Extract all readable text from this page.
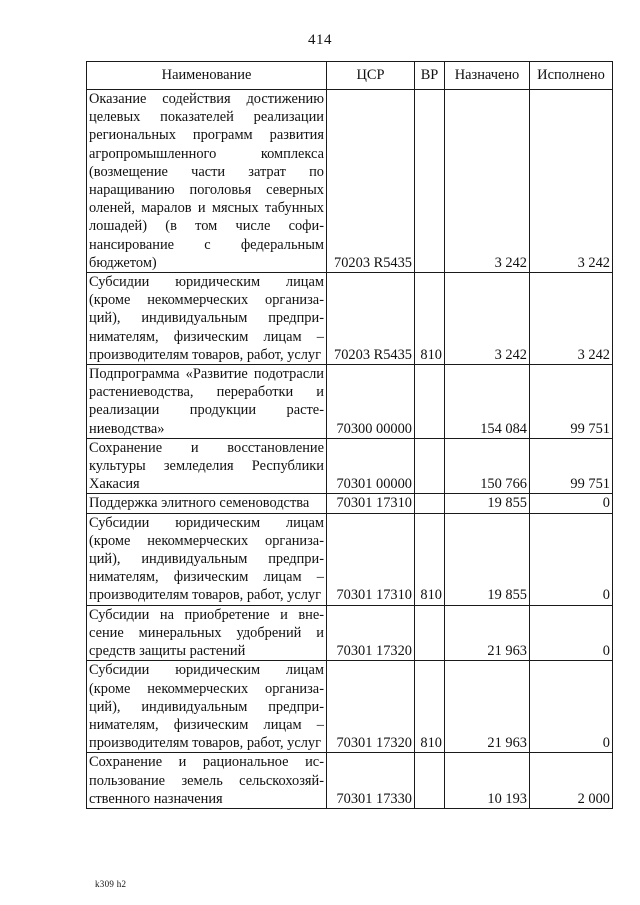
414
Наименование	ЦСР	ВР	Назначено	Исполнено
Оказание содействия достижению целевых показателей реализации региональных программ развития агропромышленного комплекса (возмещение части затрат по наращиванию поголовья северных оленей, маралов и мясных табунных лошадей) (в том числе софинансирование с федеральным бюджетом)	70203 R5435		3 242	3 242
Субсидии юридическим лицам (кроме некоммерческих организаций), индивидуальным предпринимателям, физическим лицам – производителям товаров, работ, услуг	70203 R5435	810	3 242	3 242
Подпрограмма «Развитие подотрасли растениеводства, переработки и реализации продукции растениеводства»	70300 00000		154 084	99 751
Сохранение и восстановление культуры земледелия Республики Хакасия	70301 00000		150 766	99 751
Поддержка элитного семеноводства	70301 17310		19 855	0
Субсидии юридическим лицам (кроме некоммерческих организаций), индивидуальным предпринимателям, физическим лицам – производителям товаров, работ, услуг	70301 17310	810	19 855	0
Субсидии на приобретение и внесение минеральных удобрений и средств защиты растений	70301 17320		21 963	0
Субсидии юридическим лицам (кроме некоммерческих организаций), индивидуальным предпринимателям, физическим лицам – производителям товаров, работ, услуг	70301 17320	810	21 963	0
Сохранение и рациональное использование земель сельскохозяйственного назначения	70301 17330		10 193	2 000
k309 h2
